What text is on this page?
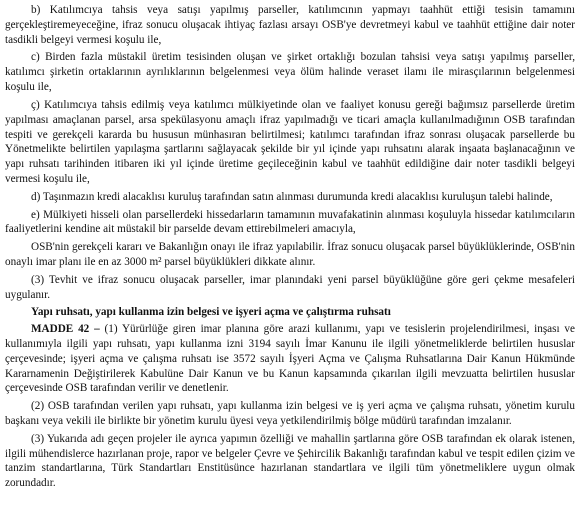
b) Katılımcıya tahsis veya satışı yapılmış parseller, katılımcının yapmayı taahhüt ettiği tesisin tamamını gerçekleştiremeyeceğine, ifraz sonucu oluşacak ihtiyaç fazlası arsayı OSB'ye devretmeyi kabul ve taahhüt ettiğine dair noter tasdikli belgeyi vermesi koşulu ile,

c) Birden fazla müstakil üretim tesisinden oluşan ve şirket ortaklığı bozulan tahsisi veya satışı yapılmış parseller, katılımcı şirketin ortaklarının ayrılıklarının belgelenmesi veya ölüm halinde veraset ilamı ile mirasçılarının belgelenmesi koşulu ile,

ç) Katılımcıya tahsis edilmiş veya katılımcı mülkiyetinde olan ve faaliyet konusu gereği bağımsız parsellerde üretim yapılması amaçlanan parsel, arsa spekülasyonu amaçlı ifraz yapılmadığı ve ticari amaçla kullanılmadığının OSB tarafından tespiti ve gerekçeli kararda bu hususun münhasıran belirtilmesi; katılımcı tarafından ifraz sonrası oluşacak parsellerde bu Yönetmelikte belirtilen yapılaşma şartlarını sağlayacak şekilde bir yıl içinde yapı ruhsatını alarak inşaata başlanacağının ve yapı ruhsatı tarihinden itibaren iki yıl içinde üretime geçileceğinin kabul ve taahhüt edildiğine dair noter tasdikli belgeyi vermesi koşulu ile,

d) Taşınmazın kredi alacaklısı kuruluş tarafından satın alınması durumunda kredi alacaklısı kuruluşun talebi halinde,

e) Mülkiyeti hisseli olan parsellerdeki hissedarların tamamının muvafakatinin alınması koşuluyla hissedar katılımcıların faaliyetlerini kendine ait müstakil bir parselde devam ettirebilmeleri amacıyla,

OSB'nin gerekçeli kararı ve Bakanlığın onayı ile ifraz yapılabilir. İfraz sonucu oluşacak parsel büyüklüklerinde, OSB'nin onaylı imar planı ile en az 3000 m² parsel büyüklükleri dikkate alınır.

(3) Tevhit ve ifraz sonucu oluşacak parseller, imar planındaki yeni parsel büyüklüğüne göre geri çekme mesafeleri uygulanır.

Yapı ruhsatı, yapı kullanma izin belgesi ve işyeri açma ve çalıştırma ruhsatı

MADDE 42 – (1) Yürürlüğe giren imar planına göre arazi kullanımı, yapı ve tesislerin projelendirilmesi, inşası ve kullanımıyla ilgili yapı ruhsatı, yapı kullanma izni 3194 sayılı İmar Kanunu ile ilgili yönetmeliklerde belirtilen hususlar çerçevesinde; işyeri açma ve çalışma ruhsatı ise 3572 sayılı İşyeri Açma ve Çalışma Ruhsatlarına Dair Kanun Hükmünde Kararnamenin Değiştirilerek Kabulüne Dair Kanun ve bu Kanun kapsamında çıkarılan ilgili mevzuatta belirtilen hususlar çerçevesinde OSB tarafından verilir ve denetlenir.

(2) OSB tarafından verilen yapı ruhsatı, yapı kullanma izin belgesi ve iş yeri açma ve çalışma ruhsatı, yönetim kurulu başkanı veya vekili ile birlikte bir yönetim kurulu üyesi veya yetkilendirilmiş bölge müdürü tarafından imzalanır.

(3) Yukarıda adı geçen projeler ile ayrıca yapımın özelliği ve mahallin şartlarına göre OSB tarafından ek olarak istenen, ilgili mühendislerce hazırlanan proje, rapor ve belgeler Çevre ve Şehircilik Bakanlığı tarafından kabul ve tespit edilen çizim ve tanzim standartlarına, Türk Standartları Enstitüsünce hazırlanan standartlara ve ilgili tüm yönetmeliklere uygun olmak zorundadır.
